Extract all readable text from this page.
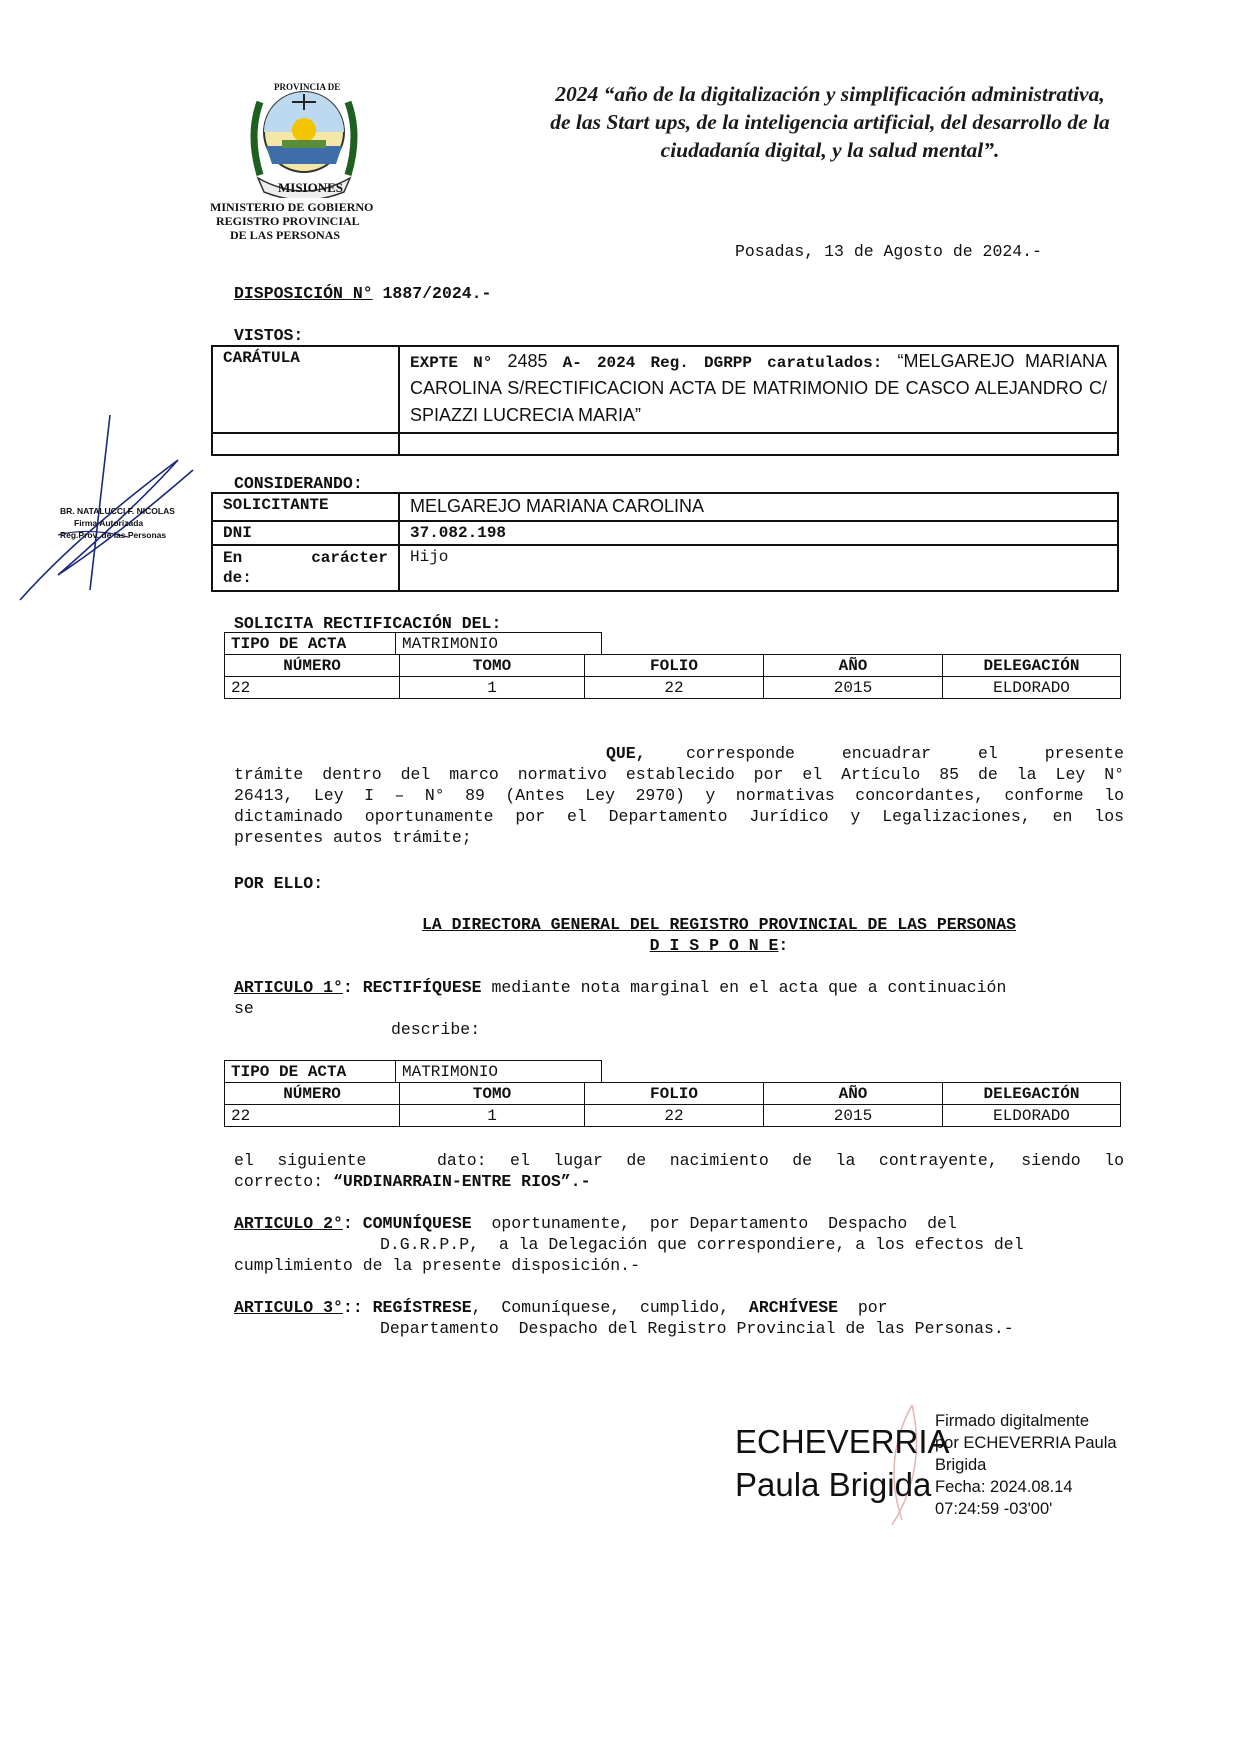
PROVINCIA DE
MISIONES
MINISTERIO DE GOBIERNO
REGISTRO PROVINCIAL
DE LAS PERSONAS
2024 “año de la digitalización y simplificación administrativa,
de las Start ups, de la inteligencia artificial, del desarrollo de la
ciudadanía digital, y la salud mental”.
Posadas, 13 de Agosto de 2024.-
DISPOSICIÓN N° 1887/2024.-
VISTOS:
CARÁTULA	EXPTE N° 2485 A- 2024 Reg. DGRPP caratulados: “MELGAREJO MARIANA CAROLINA S/RECTIFICACION ACTA DE MATRIMONIO DE CASCO ALEJANDRO C/ SPIAZZI LUCRECIA MARIA”

CONSIDERANDO:
SOLICITANTE	MELGAREJO MARIANA CAROLINA
DNI	37.082.198

En carácter
de:	Hijo
SOLICITA RECTIFICACIÓN DEL:
TIPO DE ACTA	MATRIMONIO
NÚMERO	TOMO	FOLIO	AÑO	DELEGACIÓN
22	1	22	2015	ELDORADO
QUE, corresponde	encuadrar	el	presente
trámite dentro del marco normativo establecido por el Artículo 85 de la Ley N°
26413, Ley I – N° 89 (Antes Ley 2970) y normativas concordantes, conforme lo
dictaminado oportunamente por el Departamento Jurídico y Legalizaciones, en los
presentes autos trámite;
POR ELLO:
LA DIRECTORA GENERAL DEL REGISTRO PROVINCIAL DE LAS PERSONAS
D I S P O N E:
ARTICULO 1°: RECTIFÍQUESE mediante nota marginal en el acta que a continuación
se
describe:
TIPO DE ACTA	MATRIMONIO
NÚMERO	TOMO	FOLIO	AÑO	DELEGACIÓN
22	1	22	2015	ELDORADO
el siguiente   dato: el lugar de nacimiento de la contrayente, siendo lo
correcto: “URDINARRAIN-ENTRE RIOS”.-
ARTICULO 2°: COMUNÍQUESE  oportunamente,  por Departamento  Despacho  del
D.G.R.P.P,  a la Delegación que correspondiere, a los efectos del
cumplimiento de la presente disposición.-
ARTICULO 3°:: REGÍSTRESE,  Comuníquese,  cumplido,  ARCHÍVESE  por
Departamento  Despacho del Registro Provincial de las Personas.-
BR. NATALUCCI F. NICOLAS
Firma Autorizada
Reg.Prov. de las Personas
ECHEVERRIA
Paula Brigida
Firmado digitalmente
por ECHEVERRIA Paula
Brigida
Fecha: 2024.08.14
07:24:59 -03'00'
